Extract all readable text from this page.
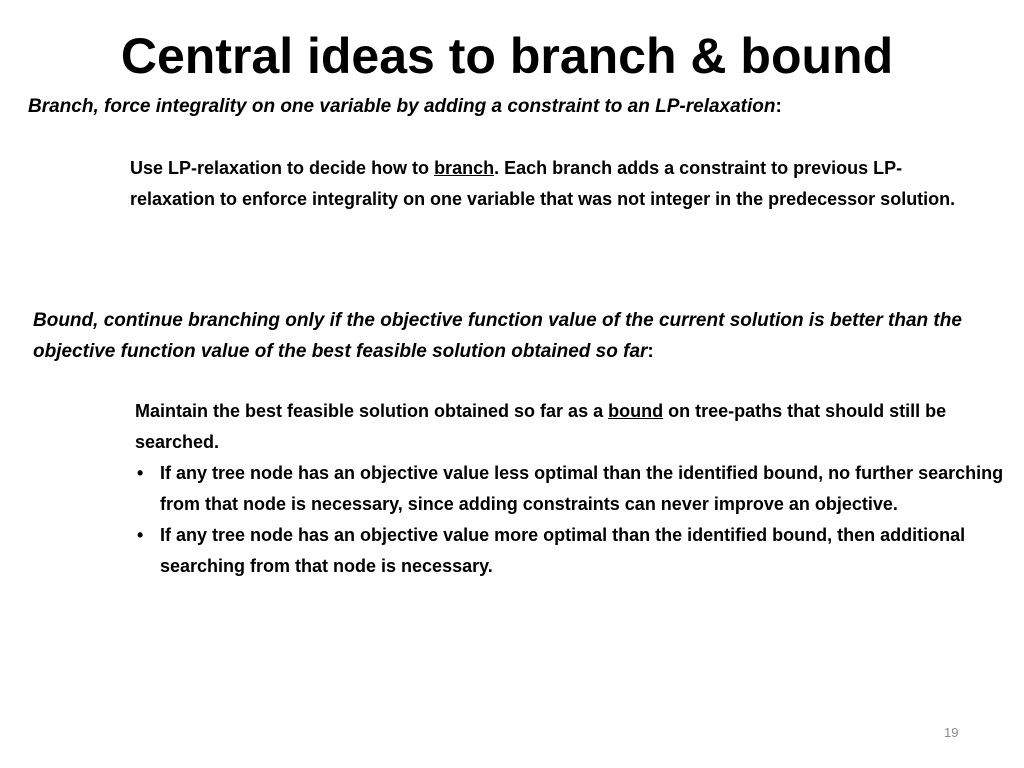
Central ideas to branch & bound

Branch, force integrality on one variable by adding a constraint to an LP-relaxation:

Use LP-relaxation to decide how to branch. Each branch adds a constraint to previous LP-relaxation to enforce integrality on one variable that was not integer in the predecessor solution.

Bound, continue branching only if the objective function value of the current solution is better than the objective function value of the best feasible solution obtained so far:

Maintain the best feasible solution obtained so far as a bound on tree-paths that should still be searched.

• If any tree node has an objective value less optimal than the identified bound, no further searching from that node is necessary, since adding constraints can never improve an objective.
• If any tree node has an objective value more optimal than the identified bound, then additional searching from that node is necessary.
19
